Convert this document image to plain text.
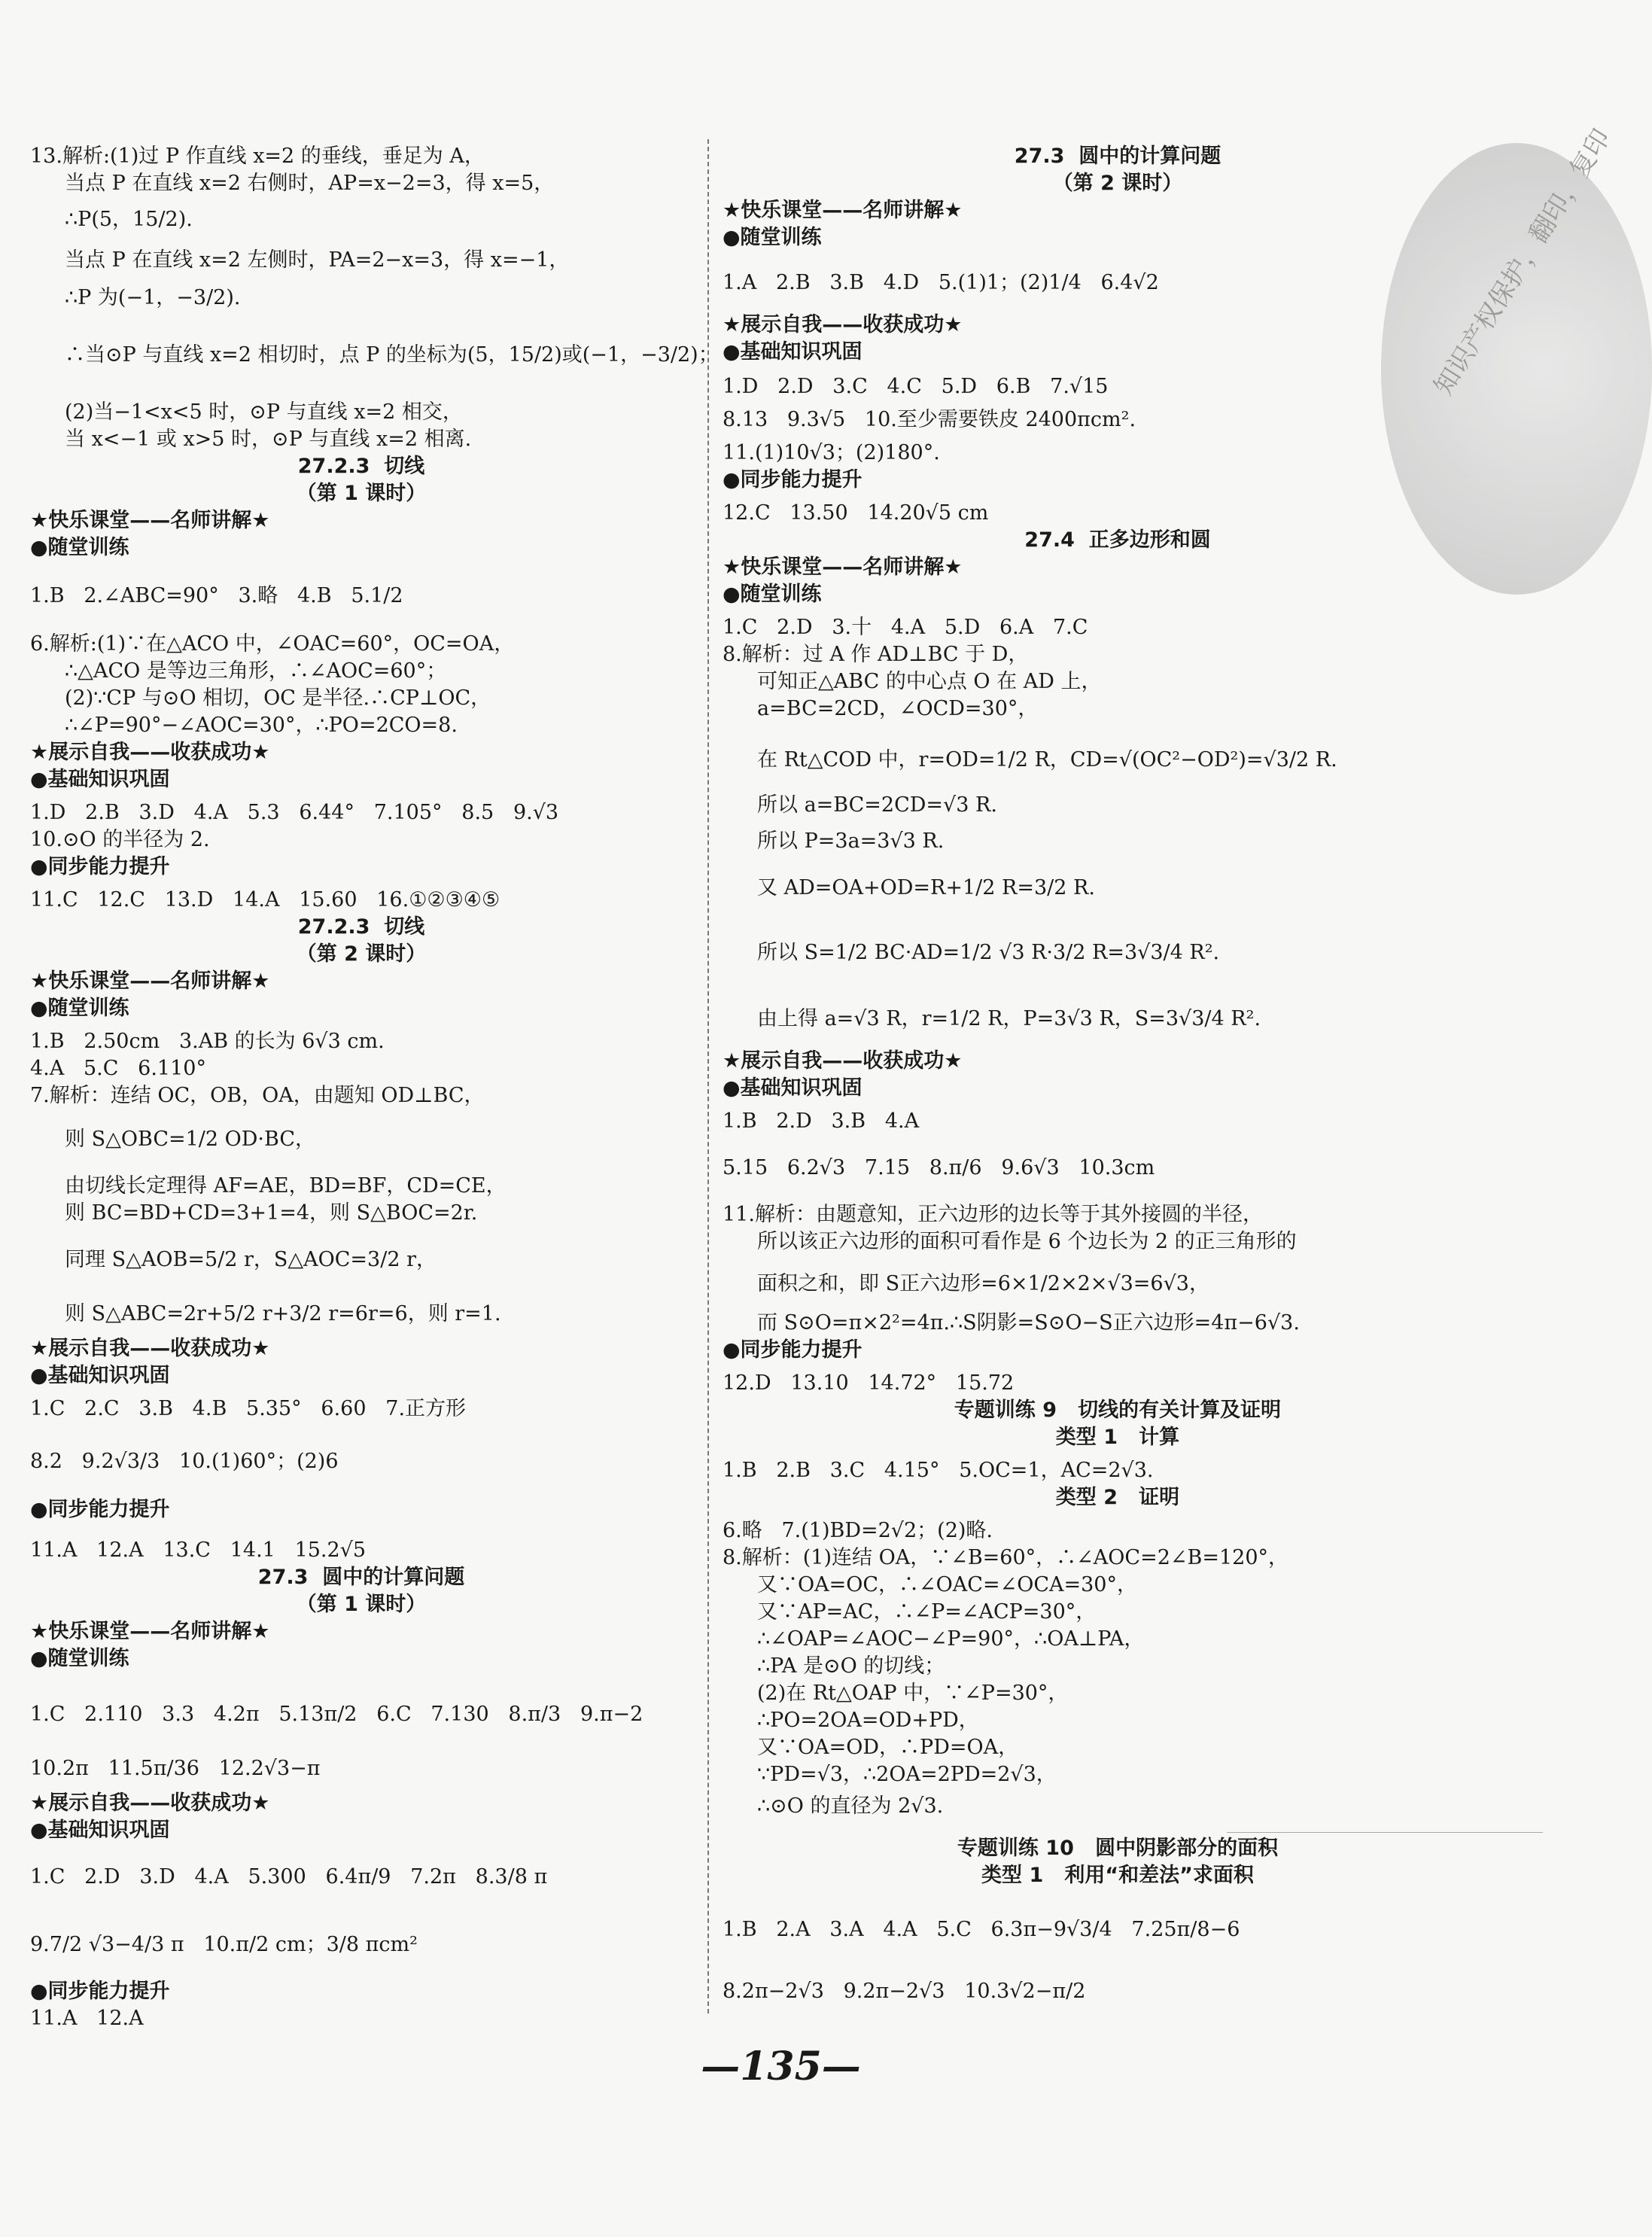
知识产权保护，翻印，复印
13.解析:(1)过 P 作直线 x=2 的垂线，垂足为 A，
当点 P 在直线 x=2 右侧时，AP=x−2=3，得 x=5，
∴P(5，15/2).
当点 P 在直线 x=2 左侧时，PA=2−x=3，得 x=−1，
∴P 为(−1，−3/2).
∴当⊙P 与直线 x=2 相切时，点 P 的坐标为(5，15/2)或(−1，−3/2)；
(2)当−1<x<5 时，⊙P 与直线 x=2 相交，
当 x<−1 或 x>5 时，⊙P 与直线 x=2 相离.
27.2.3  切线
（第 1 课时）
★快乐课堂——名师讲解★
●随堂训练
1.B   2.∠ABC=90°   3.略   4.B   5.1/2
6.解析:(1)∵在△ACO 中，∠OAC=60°，OC=OA，
∴△ACO 是等边三角形，∴∠AOC=60°；
(2)∵CP 与⊙O 相切，OC 是半径.∴CP⊥OC，
∴∠P=90°−∠AOC=30°，∴PO=2CO=8.
★展示自我——收获成功★
●基础知识巩固
1.D   2.B   3.D   4.A   5.3   6.44°   7.105°   8.5   9.√3
10.⊙O 的半径为 2.
●同步能力提升
11.C   12.C   13.D   14.A   15.60   16.①②③④⑤
27.2.3  切线
（第 2 课时）
★快乐课堂——名师讲解★
●随堂训练
1.B   2.50cm   3.AB 的长为 6√3 cm.
4.A   5.C   6.110°
7.解析：连结 OC，OB，OA，由题知 OD⊥BC，
则 S△OBC=1/2 OD·BC，
由切线长定理得 AF=AE，BD=BF，CD=CE，
则 BC=BD+CD=3+1=4，则 S△BOC=2r.
同理 S△AOB=5/2 r，S△AOC=3/2 r，
则 S△ABC=2r+5/2 r+3/2 r=6r=6，则 r=1.
★展示自我——收获成功★
●基础知识巩固
1.C   2.C   3.B   4.B   5.35°   6.60   7.正方形
8.2   9.2√3/3   10.(1)60°；(2)6
●同步能力提升
11.A   12.A   13.C   14.1   15.2√5
27.3  圆中的计算问题
（第 1 课时）
★快乐课堂——名师讲解★
●随堂训练
1.C   2.110   3.3   4.2π   5.13π/2   6.C   7.130   8.π/3   9.π−2
10.2π   11.5π/36   12.2√3−π
★展示自我——收获成功★
●基础知识巩固
1.C   2.D   3.D   4.A   5.300   6.4π/9   7.2π   8.3/8 π
9.7/2 √3−4/3 π   10.π/2 cm；3/8 πcm²
●同步能力提升
11.A   12.A
27.3  圆中的计算问题
（第 2 课时）
★快乐课堂——名师讲解★
●随堂训练
1.A   2.B   3.B   4.D   5.(1)1；(2)1/4   6.4√2
★展示自我——收获成功★
●基础知识巩固
1.D   2.D   3.C   4.C   5.D   6.B   7.√15
8.13   9.3√5   10.至少需要铁皮 2400πcm².
11.(1)10√3；(2)180°.
●同步能力提升
12.C   13.50   14.20√5 cm
27.4  正多边形和圆
★快乐课堂——名师讲解★
●随堂训练
1.C   2.D   3.十   4.A   5.D   6.A   7.C
8.解析：过 A 作 AD⊥BC 于 D，
可知正△ABC 的中心点 O 在 AD 上，
a=BC=2CD，∠OCD=30°，
在 Rt△COD 中，r=OD=1/2 R，CD=√(OC²−OD²)=√3/2 R.
所以 a=BC=2CD=√3 R.
所以 P=3a=3√3 R.
又 AD=OA+OD=R+1/2 R=3/2 R.
所以 S=1/2 BC·AD=1/2 √3 R·3/2 R=3√3/4 R².
由上得 a=√3 R，r=1/2 R，P=3√3 R，S=3√3/4 R².
★展示自我——收获成功★
●基础知识巩固
1.B   2.D   3.B   4.A
5.15   6.2√3   7.15   8.π/6   9.6√3   10.3cm
11.解析：由题意知，正六边形的边长等于其外接圆的半径，
所以该正六边形的面积可看作是 6 个边长为 2 的正三角形的
面积之和，即 S正六边形=6×1/2×2×√3=6√3，
而 S⊙O=π×2²=4π.∴S阴影=S⊙O−S正六边形=4π−6√3.
●同步能力提升
12.D   13.10   14.72°   15.72
专题训练 9   切线的有关计算及证明
类型 1   计算
1.B   2.B   3.C   4.15°   5.OC=1，AC=2√3.
类型 2   证明
6.略   7.(1)BD=2√2；(2)略.
8.解析：(1)连结 OA，∵∠B=60°，∴∠AOC=2∠B=120°，
又∵OA=OC，∴∠OAC=∠OCA=30°，
又∵AP=AC，∴∠P=∠ACP=30°，
∴∠OAP=∠AOC−∠P=90°，∴OA⊥PA，
∴PA 是⊙O 的切线；
(2)在 Rt△OAP 中，∵∠P=30°，
∴PO=2OA=OD+PD，
又∵OA=OD，∴PD=OA，
∵PD=√3，∴2OA=2PD=2√3，
∴⊙O 的直径为 2√3.
专题训练 10   圆中阴影部分的面积
类型 1   利用“和差法”求面积
1.B   2.A   3.A   4.A   5.C   6.3π−9√3/4   7.25π/8−6
8.2π−2√3   9.2π−2√3   10.3√2−π/2
—135—
